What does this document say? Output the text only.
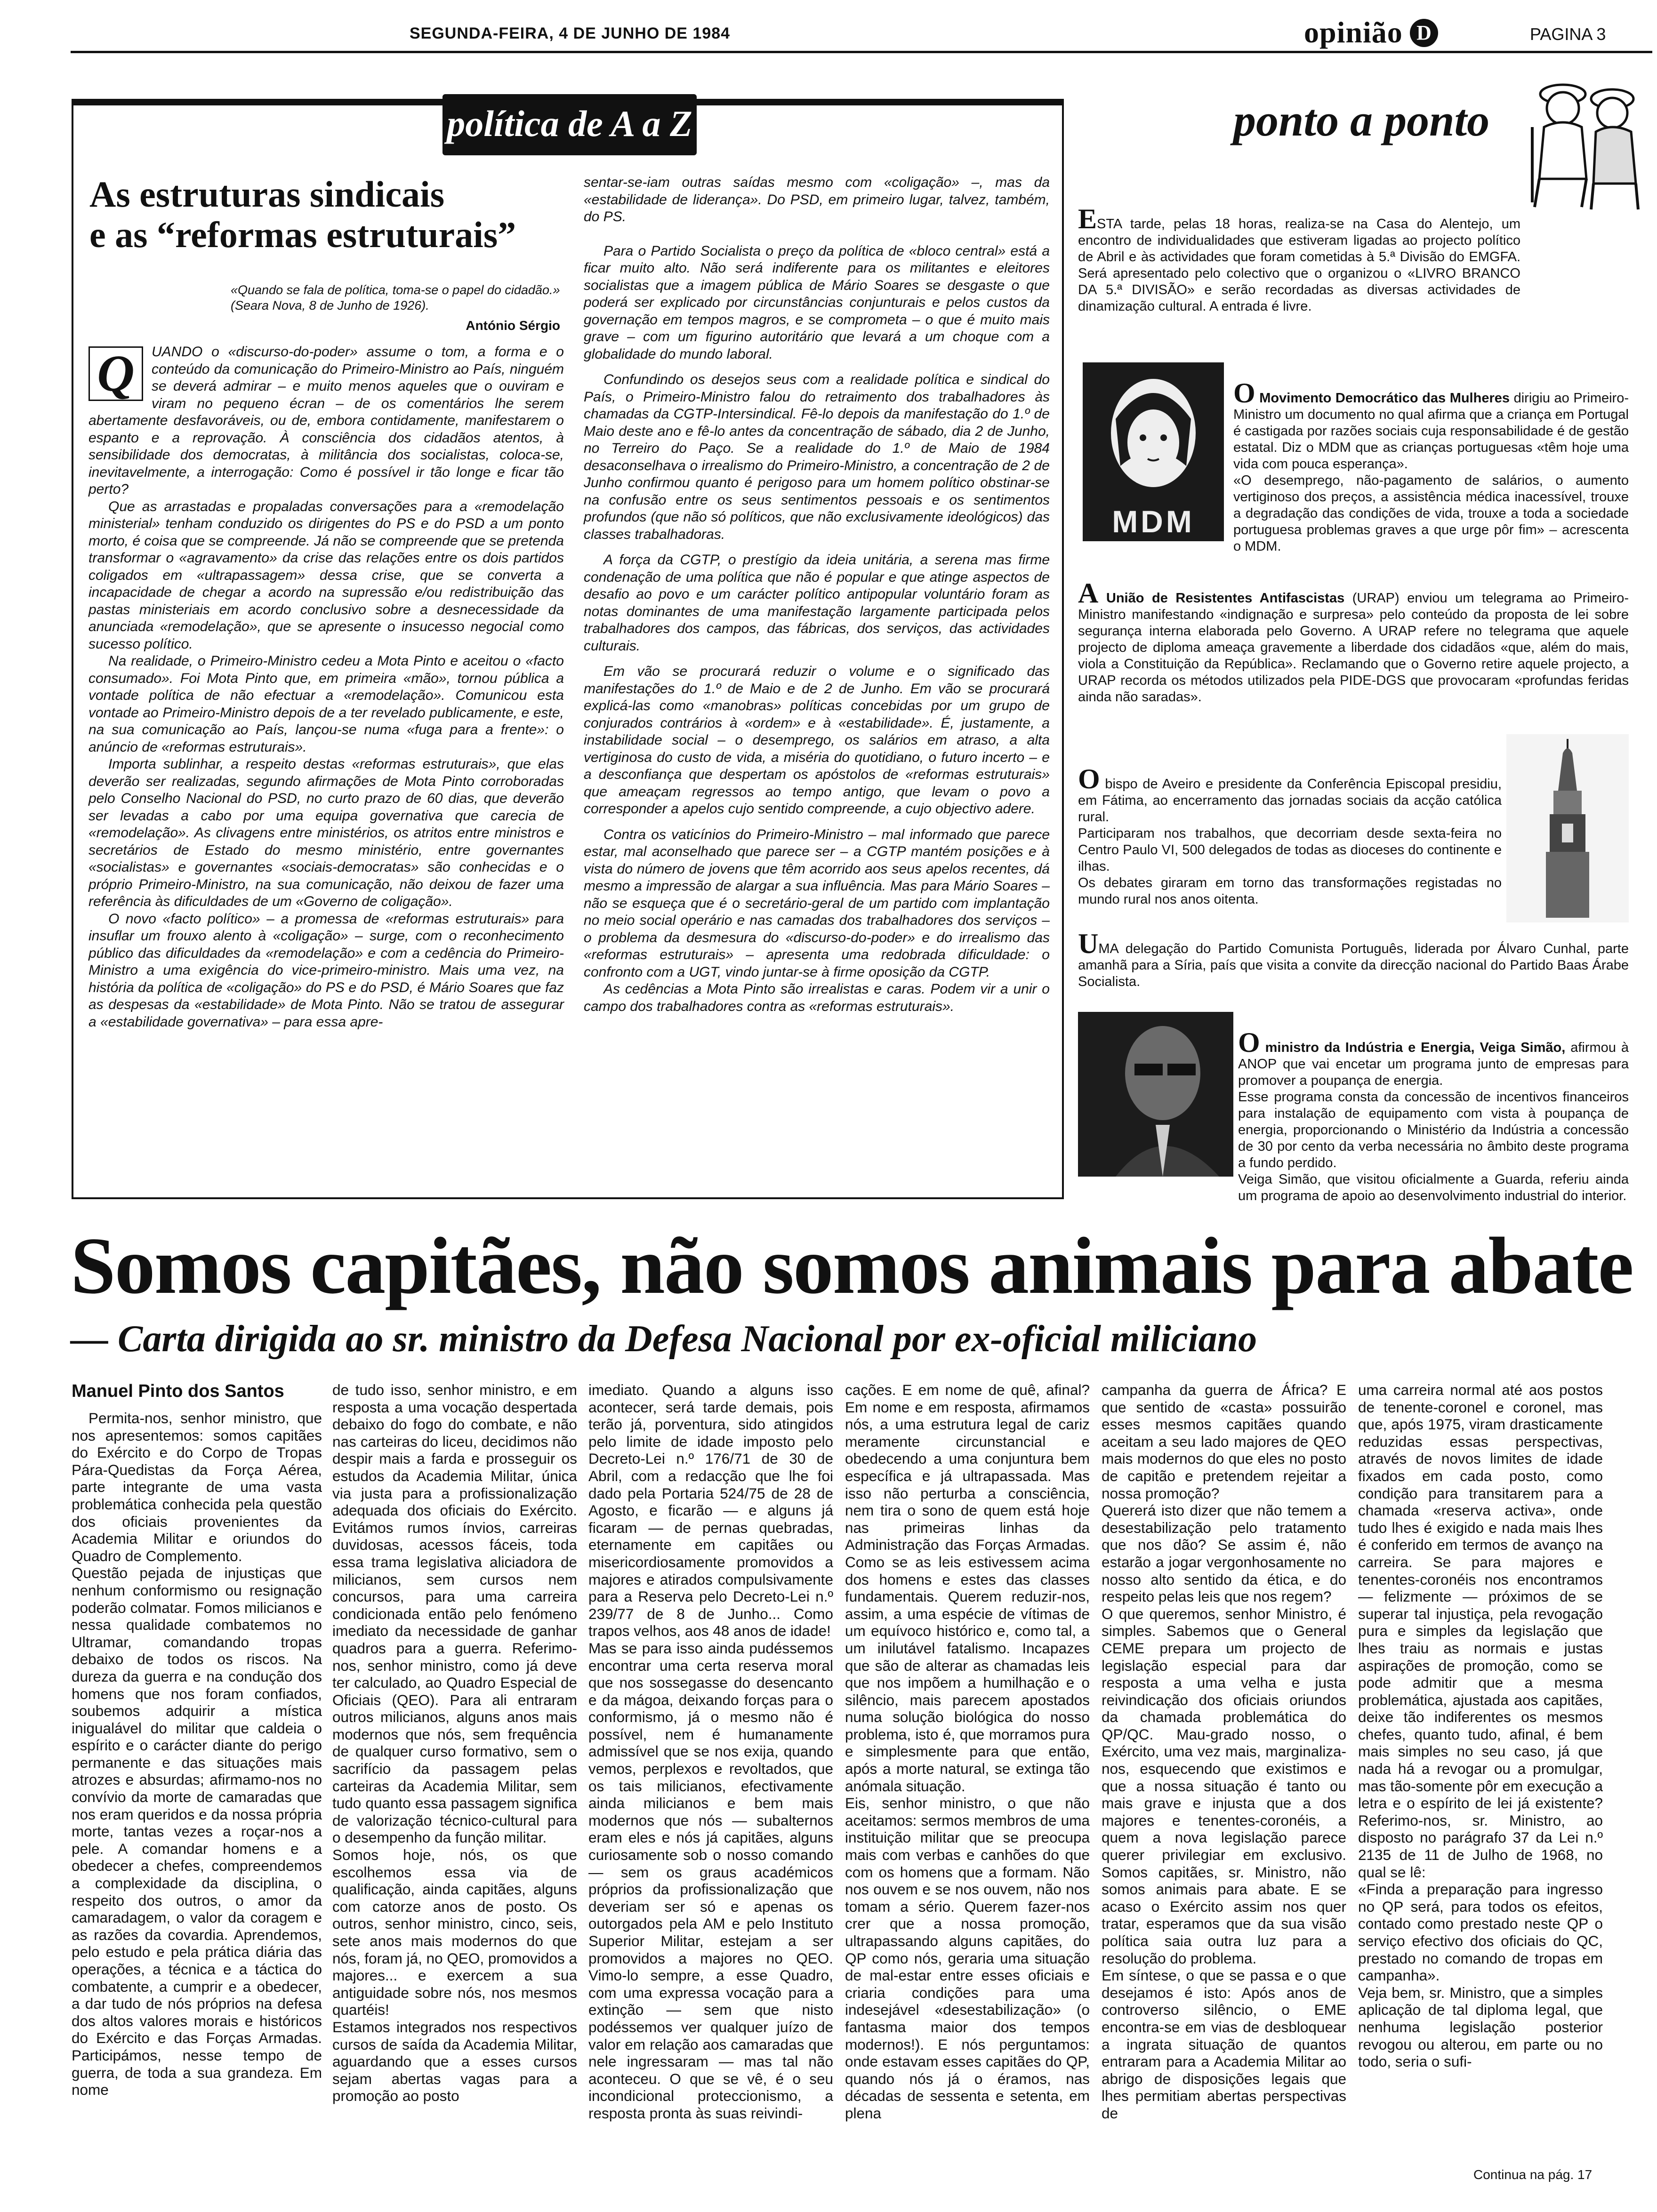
SEGUNDA-FEIRA, 4 DE JUNHO DE 1984	opinião D	PAGINA 3
política de A a Z
As estruturas sindicais
e as “reformas estruturais”
«Quando se fala de política, toma-se o papel do cidadão.» (Seara Nova, 8 de Junho de 1926).
António Sérgio

Q	UANDO o «discurso-do-poder» assume o tom, a forma e o conteúdo da comunicação do Primeiro-Ministro ao País, ninguém se deverá admirar – e muito menos aqueles que o ouviram e viram no pequeno écran – de os comentários lhe serem abertamente desfavoráveis, ou de, embora contidamente, manifestarem o espanto e a reprovação. À consciência dos cidadãos atentos, à sensibilidade dos democratas, à militância dos socialistas, coloca-se, inevitavelmente, a interrogação: Como é possível ir tão longe e ficar tão perto?

Que as arrastadas e propaladas conversações para a «remodelação ministerial» tenham conduzido os dirigentes do PS e do PSD a um ponto morto, é coisa que se compreende. Já não se compreende que se pretenda transformar o «agravamento» da crise das relações entre os dois partidos coligados em «ultrapassagem» dessa crise, que se converta a incapacidade de chegar a acordo na supressão e/ou redistribuição das pastas ministeriais em acordo conclusivo sobre a desnecessidade da anunciada «remodelação», que se apresente o insucesso negocial como sucesso político.

Na realidade, o Primeiro-Ministro cedeu a Mota Pinto e aceitou o «facto consumado». Foi Mota Pinto que, em primeira «mão», tornou pública a vontade política de não efectuar a «remodelação». Comunicou esta vontade ao Primeiro-Ministro depois de a ter revelado publicamente, e este, na sua comunicação ao País, lançou-se numa «fuga para a frente»: o anúncio de «reformas estruturais».

Importa sublinhar, a respeito destas «reformas estruturais», que elas deverão ser realizadas, segundo afirmações de Mota Pinto corroboradas pelo Conselho Nacional do PSD, no curto prazo de 60 dias, que deverão ser levadas a cabo por uma equipa governativa que carecia de «remodelação». As clivagens entre ministérios, os atritos entre ministros e secretários de Estado do mesmo ministério, entre governantes «socialistas» e governantes «sociais-democratas» são conhecidas e o próprio Primeiro-Ministro, na sua comunicação, não deixou de fazer uma referência às dificuldades de um «Governo de coligação».

O novo «facto político» – a promessa de «reformas estruturais» para insuflar um frouxo alento à «coligação» – surge, com o reconhecimento público das dificuldades da «remodelação» e com a cedência do Primeiro-Ministro a uma exigência do vice-primeiro-ministro. Mais uma vez, na história da política de «coligação» do PS e do PSD, é Mário Soares que faz as despesas da «estabilidade» de Mota Pinto. Não se tratou de assegurar a «estabilidade governativa» – para essa apre-

sentar-se-iam outras saídas mesmo com «coligação» –, mas da «estabilidade de liderança». Do PSD, em primeiro lugar, talvez, também, do PS.

Para o Partido Socialista o preço da política de «bloco central» está a ficar muito alto. Não será indiferente para os militantes e eleitores socialistas que a imagem pública de Mário Soares se desgaste o que poderá ser explicado por circunstâncias conjunturais e pelos custos da governação em tempos magros, e se comprometa – o que é muito mais grave – com um figurino autoritário que levará a um choque com a globalidade do mundo laboral.

Confundindo os desejos seus com a realidade política e sindical do País, o Primeiro-Ministro falou do retraimento dos trabalhadores às chamadas da CGTP-Intersindical. Fê-lo depois da manifestação do 1.º de Maio deste ano e fê-lo antes da concentração de sábado, dia 2 de Junho, no Terreiro do Paço. Se a realidade do 1.º de Maio de 1984 desaconselhava o irrealismo do Primeiro-Ministro, a concentração de 2 de Junho confirmou quanto é perigoso para um homem político obstinar-se na confusão entre os seus sentimentos pessoais e os sentimentos profundos (que não só políticos, que não exclusivamente ideológicos) das classes trabalhadoras.

A força da CGTP, o prestígio da ideia unitária, a serena mas firme condenação de uma política que não é popular e que atinge aspectos de desafio ao povo e um carácter político antipopular voluntário foram as notas dominantes de uma manifestação largamente participada pelos trabalhadores dos campos, das fábricas, dos serviços, das actividades culturais.

Em vão se procurará reduzir o volume e o significado das manifestações do 1.º de Maio e de 2 de Junho. Em vão se procurará explicá-las como «manobras» políticas concebidas por um grupo de conjurados contrários à «ordem» e à «estabilidade». É, justamente, a instabilidade social – o desemprego, os salários em atraso, a alta vertiginosa do custo de vida, a miséria do quotidiano, o futuro incerto – e a desconfiança que despertam os apóstolos de «reformas estruturais» que ameaçam regressos ao tempo antigo, que levam o povo a corresponder a apelos cujo sentido compreende, a cujo objectivo adere.

Contra os vaticínios do Primeiro-Ministro – mal informado que parece estar, mal aconselhado que parece ser – a CGTP mantém posições e à vista do número de jovens que têm acorrido aos seus apelos recentes, dá mesmo a impressão de alargar a sua influência. Mas para Mário Soares – não se esqueça que é o secretário-geral de um partido com implantação no meio social operário e nas camadas dos trabalhadores dos serviços – o problema da desmesura do «discurso-do-poder» e do irrealismo das «reformas estruturais» – apresenta uma redobrada dificuldade: o confronto com a UGT, vindo juntar-se à firme oposição da CGTP.

As cedências a Mota Pinto são irrealistas e caras. Podem vir a unir o campo dos trabalhadores contra as «reformas estruturais».

ponto a ponto
ESTA tarde, pelas 18 horas, realiza-se na Casa do Alentejo, um encontro de individualidades que estiveram ligadas ao projecto político de Abril e às actividades que foram cometidas à 5.ª Divisão do EMGFA. Será apresentado pelo colectivo que o organizou o «LIVRO BRANCO DA 5.ª DIVISÃO» e serão recordadas as diversas actividades de dinamização cultural. A entrada é livre.
MDM

O Movimento Democrático das Mulheres dirigiu ao Primeiro-Ministro um documento no qual afirma que a criança em Portugal é castigada por razões sociais cuja responsabilidade é de gestão estatal. Diz o MDM que as crianças portuguesas «têm hoje uma vida com pouca esperança».
«O desemprego, não-pagamento de salários, o aumento vertiginoso dos preços, a assistência médica inacessível, trouxe a degradação das condições de vida, trouxe a toda a sociedade portuguesa problemas graves a que urge pôr fim» – acrescenta o MDM.

A União de Resistentes Antifascistas (URAP) enviou um telegrama ao Primeiro-Ministro manifestando «indignação e surpresa» pelo conteúdo da proposta de lei sobre segurança interna elaborada pelo Governo. A URAP refere no telegrama que aquele projecto de diploma ameaça gravemente a liberdade dos cidadãos «que, além do mais, viola a Constituição da República». Reclamando que o Governo retire aquele projecto, a URAP recorda os métodos utilizados pela PIDE-DGS que provocaram «profundas feridas ainda não saradas».

O bispo de Aveiro e presidente da Conferência Episcopal presidiu, em Fátima, ao encerramento das jornadas sociais da acção católica rural.
Participaram nos trabalhos, que decorriam desde sexta-feira no Centro Paulo VI, 500 delegados de todas as dioceses do continente e ilhas.
Os debates giraram em torno das transformações registadas no mundo rural nos anos oitenta.

UMA delegação do Partido Comunista Português, liderada por Álvaro Cunhal, parte amanhã para a Síria, país que visita a convite da direcção nacional do Partido Baas Árabe Socialista.

O ministro da Indústria e Energia, Veiga Simão, afirmou à ANOP que vai encetar um programa junto de empresas para promover a poupança de energia.
Esse programa consta da concessão de incentivos financeiros para instalação de equipamento com vista à poupança de energia, proporcionando o Ministério da Indústria a concessão de 30 por cento da verba necessária no âmbito deste programa a fundo perdido.
Veiga Simão, que visitou oficialmente a Guarda, referiu ainda um programa de apoio ao desenvolvimento industrial do interior.

Somos capitães, não somos animais para abate
— Carta dirigida ao sr. ministro da Defesa Nacional por ex-oficial miliciano
Manuel Pinto dos Santos
Permita-nos, senhor ministro, que nos apresentemos: somos capitães do Exército e do Corpo de Tropas Pára-Quedistas da Força Aérea, parte integrante de uma vasta problemática conhecida pela questão dos oficiais provenientes da Academia Militar e oriundos do Quadro de Complemento.
Questão pejada de injustiças que nenhum conformismo ou resignação poderão colmatar. Fomos milicianos e nessa qualidade combatemos no Ultramar, comandando tropas debaixo de todos os riscos. Na dureza da guerra e na condução dos homens que nos foram confiados, soubemos adquirir a mística inigualável do militar que caldeia o espírito e o carácter diante do perigo permanente e das situações mais atrozes e absurdas; afirmamo-nos no convívio da morte de camaradas que nos eram queridos e da nossa própria morte, tantas vezes a roçar-nos a pele. A comandar homens e a obedecer a chefes, compreendemos a complexidade da disciplina, o respeito dos outros, o amor da camaradagem, o valor da coragem e as razões da covardia. Aprendemos, pelo estudo e pela prática diária das operações, a técnica e a táctica do combatente, a cumprir e a obedecer, a dar tudo de nós próprios na defesa dos altos valores morais e históricos do Exército e das Forças Armadas. Participámos, nesse tempo de guerra, de toda a sua grandeza. Em nome
de tudo isso, senhor ministro, e em resposta a uma vocação despertada debaixo do fogo do combate, e não nas carteiras do liceu, decidimos não despir mais a farda e prosseguir os estudos da Academia Militar, única via justa para a profissionalização adequada dos oficiais do Exército. Evitámos rumos ínvios, carreiras duvidosas, acessos fáceis, toda essa trama legislativa aliciadora de milicianos, sem cursos nem concursos, para uma carreira condicionada então pelo fenómeno imediato da necessidade de ganhar quadros para a guerra. Referimo-nos, senhor ministro, como já deve ter calculado, ao Quadro Especial de Oficiais (QEO). Para ali entraram outros milicianos, alguns anos mais modernos que nós, sem frequência de qualquer curso formativo, sem o sacrifício da passagem pelas carteiras da Academia Militar, sem tudo quanto essa passagem significa de valorização técnico-cultural para o desempenho da função militar.
Somos hoje, nós, os que escolhemos essa via de qualificação, ainda capitães, alguns com catorze anos de posto. Os outros, senhor ministro, cinco, seis, sete anos mais modernos do que nós, foram já, no QEO, promovidos a majores... e exercem a sua antiguidade sobre nós, nos mesmos quartéis!
Estamos integrados nos respectivos cursos de saída da Academia Militar, aguardando que a esses cursos sejam abertas vagas para a promoção ao posto
imediato. Quando a alguns isso acontecer, será tarde demais, pois terão já, porventura, sido atingidos pelo limite de idade imposto pelo Decreto-Lei n.º 176/71 de 30 de Abril, com a redacção que lhe foi dado pela Portaria 524/75 de 28 de Agosto, e ficarão — e alguns já ficaram — de pernas quebradas, eternamente em capitães ou misericordiosamente promovidos a majores e atirados compulsivamente para a Reserva pelo Decreto-Lei n.º 239/77 de 8 de Junho... Como trapos velhos, aos 48 anos de idade!
Mas se para isso ainda pudéssemos encontrar uma certa reserva moral que nos sossegasse do desencanto e da mágoa, deixando forças para o conformismo, já o mesmo não é possível, nem é humanamente admissível que se nos exija, quando vemos, perplexos e revoltados, que os tais milicianos, efectivamente ainda milicianos e bem mais modernos que nós — subalternos eram eles e nós já capitães, alguns curiosamente sob o nosso comando — sem os graus académicos próprios da profissionalização que deveriam ser só e apenas os outorgados pela AM e pelo Instituto Superior Militar, estejam a ser promovidos a majores no QEO. Vimo-lo sempre, a esse Quadro, com uma expressa vocação para a extinção — sem que nisto podéssemos ver qualquer juízo de valor em relação aos camaradas que nele ingressaram — mas tal não aconteceu. O que se vê, é o seu incondicional proteccionismo, a resposta pronta às suas reivindi-
cações. E em nome de quê, afinal? Em nome e em resposta, afirmamos nós, a uma estrutura legal de cariz meramente circunstancial e obedecendo a uma conjuntura bem específica e já ultrapassada. Mas isso não perturba a consciência, nem tira o sono de quem está hoje nas primeiras linhas da Administração das Forças Armadas. Como se as leis estivessem acima dos homens e estes das classes fundamentais. Querem reduzir-nos, assim, a uma espécie de vítimas de um equívoco histórico e, como tal, a um inilutável fatalismo. Incapazes que são de alterar as chamadas leis que nos impõem a humilhação e o silêncio, mais parecem apostados numa solução biológica do nosso problema, isto é, que morramos pura e simplesmente para que então, após a morte natural, se extinga tão anómala situação.
Eis, senhor ministro, o que não aceitamos: sermos membros de uma instituição militar que se preocupa mais com verbas e canhões do que com os homens que a formam. Não nos ouvem e se nos ouvem, não nos tomam a sério. Querem fazer-nos crer que a nossa promoção, ultrapassando alguns capitães, do QP como nós, geraria uma situação de mal-estar entre esses oficiais e criaria condições para uma indesejável «desestabilização» (o fantasma maior dos tempos modernos!). E nós perguntamos: onde estavam esses capitães do QP, quando nós já o éramos, nas décadas de sessenta e setenta, em plena
campanha da guerra de África? E que sentido de «casta» possuirão esses mesmos capitães quando aceitam a seu lado majores de QEO mais modernos do que eles no posto de capitão e pretendem rejeitar a nossa promoção?
Quererá isto dizer que não temem a desestabilização pelo tratamento que nos dão? Se assim é, não estarão a jogar vergonhosamente no nosso alto sentido da ética, e do respeito pelas leis que nos regem?
O que queremos, senhor Ministro, é simples. Sabemos que o General CEME prepara um projecto de legislação especial para dar resposta a uma velha e justa reivindicação dos oficiais oriundos da chamada problemática do QP/QC. Mau-grado nosso, o Exército, uma vez mais, marginaliza-nos, esquecendo que existimos e que a nossa situação é tanto ou mais grave e injusta que a dos majores e tenentes-coronéis, a quem a nova legislação parece querer privilegiar em exclusivo. Somos capitães, sr. Ministro, não somos animais para abate. E se acaso o Exército assim nos quer tratar, esperamos que da sua visão política saia outra luz para a resolução do problema.
Em síntese, o que se passa e o que desejamos é isto: Após anos de controverso silêncio, o EME encontra-se em vias de desbloquear a ingrata situação de quantos entraram para a Academia Militar ao abrigo de disposições legais que lhes permitiam abertas perspectivas de
uma carreira normal até aos postos de tenente-coronel e coronel, mas que, após 1975, viram drasticamente reduzidas essas perspectivas, através de novos limites de idade fixados em cada posto, como condição para transitarem para a chamada «reserva activa», onde tudo lhes é exigido e nada mais lhes é conferido em termos de avanço na carreira. Se para majores e tenentes-coronéis nos encontramos — felizmente — próximos de se superar tal injustiça, pela revogação pura e simples da legislação que lhes traiu as normais e justas aspirações de promoção, como se pode admitir que a mesma problemática, ajustada aos capitães, deixe tão indiferentes os mesmos chefes, quanto tudo, afinal, é bem mais simples no seu caso, já que nada há a revogar ou a promulgar, mas tão-somente pôr em execução a letra e o espírito de lei já existente? Referimo-nos, sr. Ministro, ao disposto no parágrafo 37 da Lei n.º 2135 de 11 de Julho de 1968, no qual se lê:
«Finda a preparação para ingresso no QP será, para todos os efeitos, contado como prestado neste QP o serviço efectivo dos oficiais do QC, prestado no comando de tropas em campanha».
Veja bem, sr. Ministro, que a simples aplicação de tal diploma legal, que nenhuma legislação posterior revogou ou alterou, em parte ou no todo, seria o sufi-
Continua na pág. 17
